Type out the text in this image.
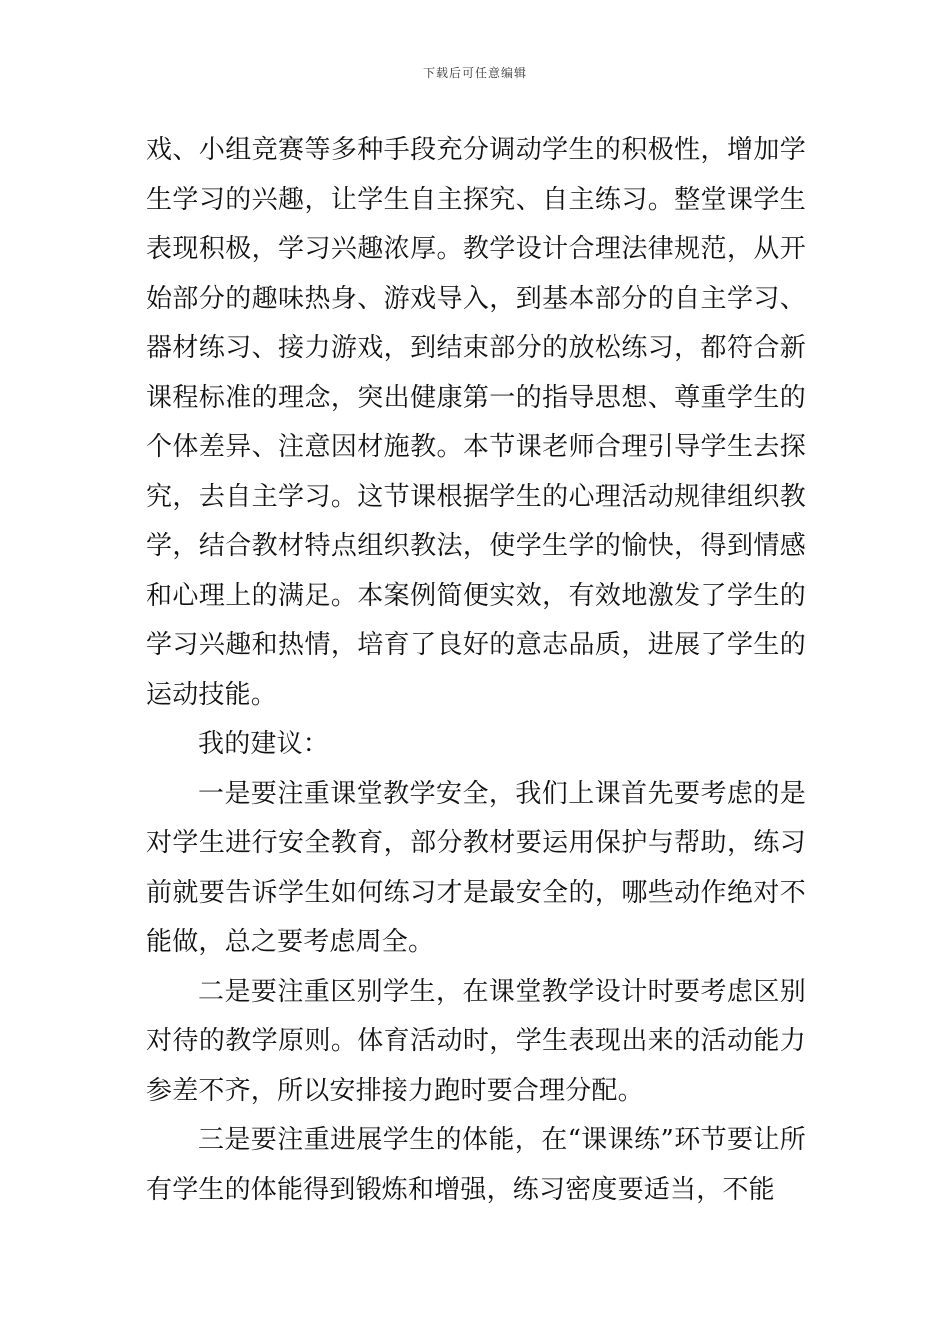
下载后可任意编辑

戏、小组竞赛等多种手段充分调动学生的积极性，增加学生学习的兴趣，让学生自主探究、自主练习。整堂课学生表现积极，学习兴趣浓厚。教学设计合理法律规范，从开始部分的趣味热身、游戏导入，到基本部分的自主学习、器材练习、接力游戏，到结束部分的放松练习，都符合新课程标准的理念，突出健康第一的指导思想、尊重学生的个体差异、注意因材施教。本节课老师合理引导学生去探究，去自主学习。这节课根据学生的心理活动规律组织教学，结合教材特点组织教法，使学生学的愉快，得到情感和心理上的满足。本案例简便实效，有效地激发了学生的学习兴趣和热情，培育了良好的意志品质，进展了学生的运动技能。

我的建议：

一是要注重课堂教学安全，我们上课首先要考虑的是对学生进行安全教育，部分教材要运用保护与帮助，练习前就要告诉学生如何练习才是最安全的，哪些动作绝对不能做，总之要考虑周全。

二是要注重区别学生，在课堂教学设计时要考虑区别对待的教学原则。体育活动时，学生表现出来的活动能力参差不齐，所以安排接力跑时要合理分配。

三是要注重进展学生的体能，在“课课练”环节要让所有学生的体能得到锻炼和增强，练习密度要适当，不能
